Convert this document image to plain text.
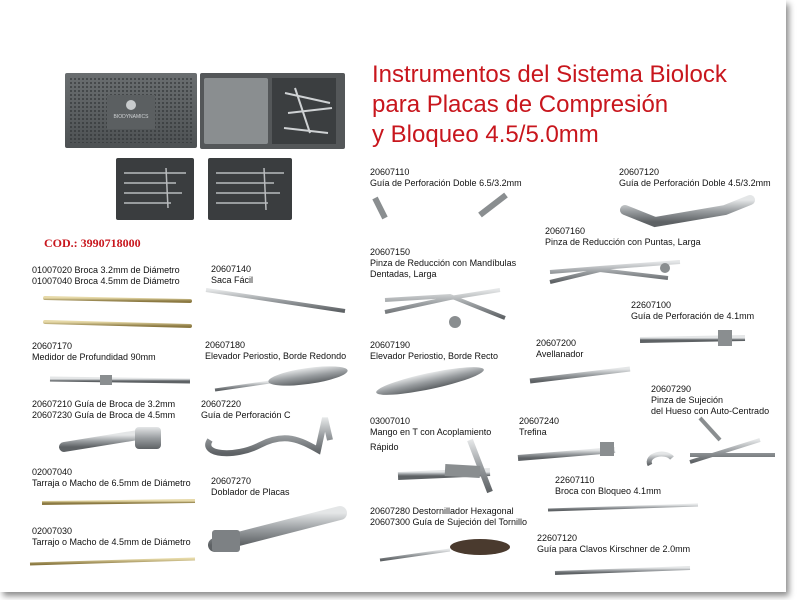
BIODYNAMICS
Instrumentos del Sistema Biolock
para Placas de Compresión
y Bloqueo 4.5/5.0mm
COD.: 3990718000
01007020 Broca 3.2mm de Diámetro
01007040 Broca 4.5mm de Diámetro
20607170
Medidor de Profundidad 90mm
20607210 Guía de Broca de 3.2mm
20607230 Guía de Broca de 4.5mm
02007040
Tarraja o Macho de 6.5mm de Diámetro
02007030
Tarrajo o Macho de 4.5mm de Diámetro
20607140
Saca Fácil
20607180
Elevador Periostio, Borde Redondo
20607220
Guía de Perforación C
20607270
Doblador de Placas
20607110
Guía de Perforación Doble 6.5/3.2mm
20607150
Pinza de Reducción con Mandíbulas
Dentadas, Larga
20607190
Elevador Periostio, Borde Recto
03007010
Mango en T con Acoplamiento
Rápido
20607280 Destornillador Hexagonal
20607300 Guía de Sujeción del Tornillo
20607120
Guía de Perforación Doble 4.5/3.2mm
20607160
Pinza de Reducción con Puntas, Larga
22607100
Guía de Perforación de 4.1mm
20607200
Avellanador
20607290
Pinza de Sujeción
del Hueso con Auto-Centrado
20607240
Trefina
22607110
Broca con Bloqueo 4.1mm
22607120
Guía para Clavos Kirschner de 2.0mm
